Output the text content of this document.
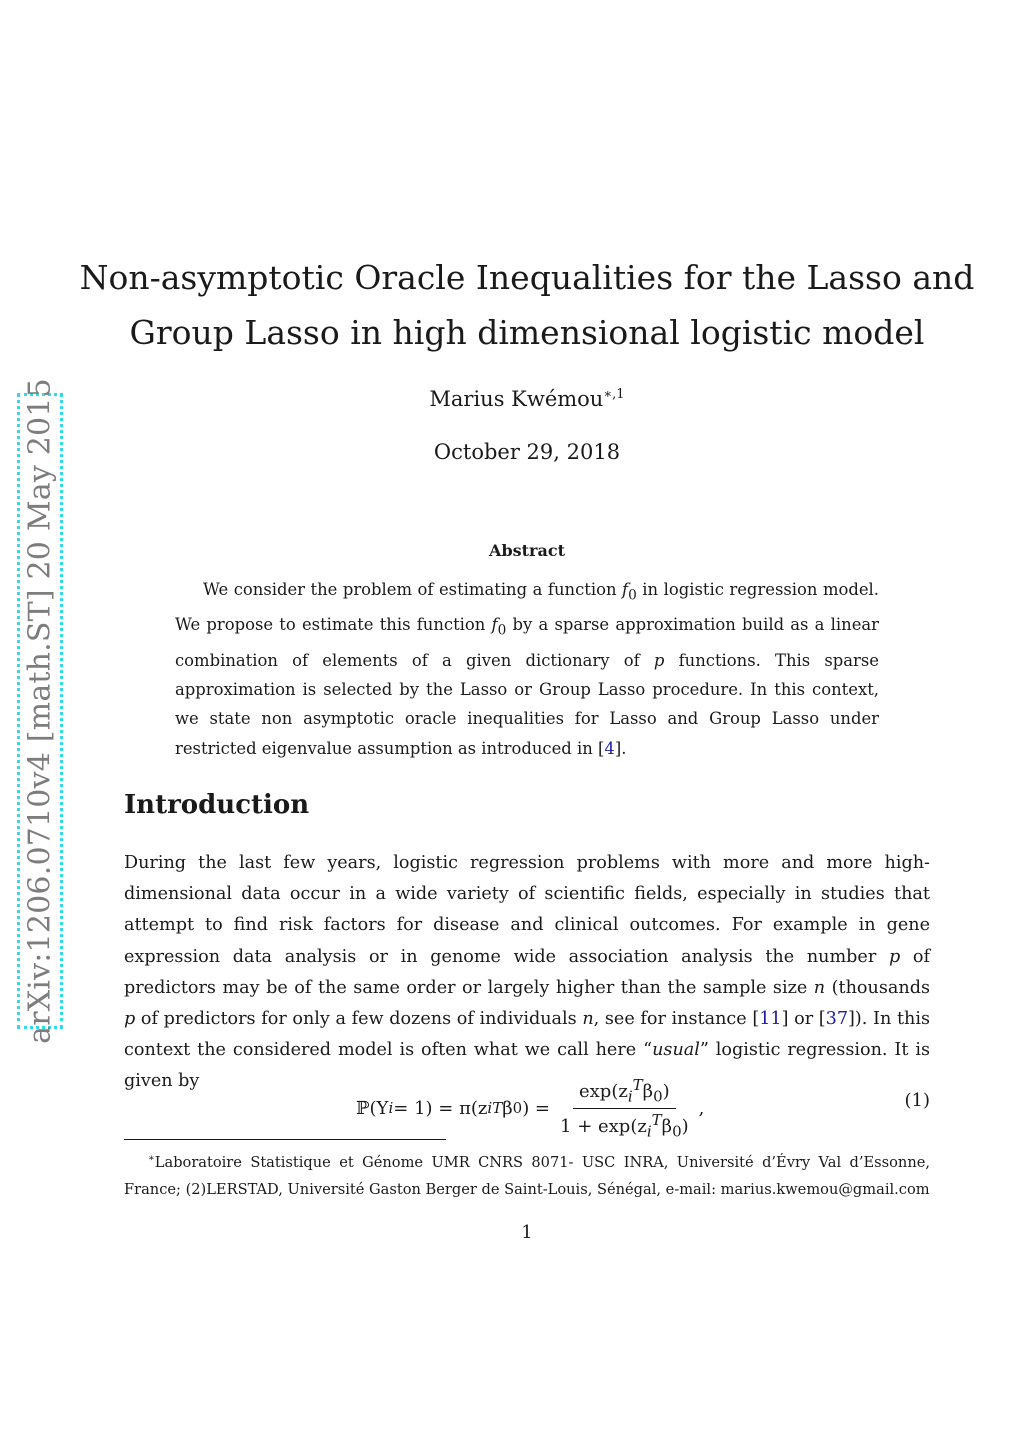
arXiv:1206.0710v4 [math.ST] 20 May 2015
Non-asymptotic Oracle Inequalities for the Lasso and
Group Lasso in high dimensional logistic model
Marius Kwémou$^{∗,1}$
October 29, 2018
Abstract
We consider the problem of estimating a function $f_0$ in logistic regression model. We propose to estimate this function $f_0$ by a sparse approximation build as a linear combination of elements of a given dictionary of p functions. This sparse approximation is selected by the Lasso or Group Lasso procedure. In this context, we state non asymptotic oracle inequalities for Lasso and Group Lasso under restricted eigenvalue assumption as introduced in [4].
Introduction
During the last few years, logistic regression problems with more and more high-dimensional data occur in a wide variety of scientific fields, especially in studies that attempt to find risk factors for disease and clinical outcomes. For example in gene expression data analysis or in genome wide association analysis the number p of predictors may be of the same order or largely higher than the sample size n (thousands p of predictors for only a few dozens of individuals n, see for instance [11] or [37]). In this context the considered model is often what we call here “usual” logistic regression. It is given by
ℙ(Y i = 1) = π(z i T β 0 ) = $\frac{\exp(z_i^T\beta_0)}{1 + \exp(z_i^T\beta_0)}$ ,	(1)
∗Laboratoire Statistique et Génome UMR CNRS 8071- USC INRA, Université d’Évry Val d’Essonne, France; (2)LERSTAD, Université Gaston Berger de Saint-Louis, Sénégal, e-mail: marius.kwemou@gmail.com
1
